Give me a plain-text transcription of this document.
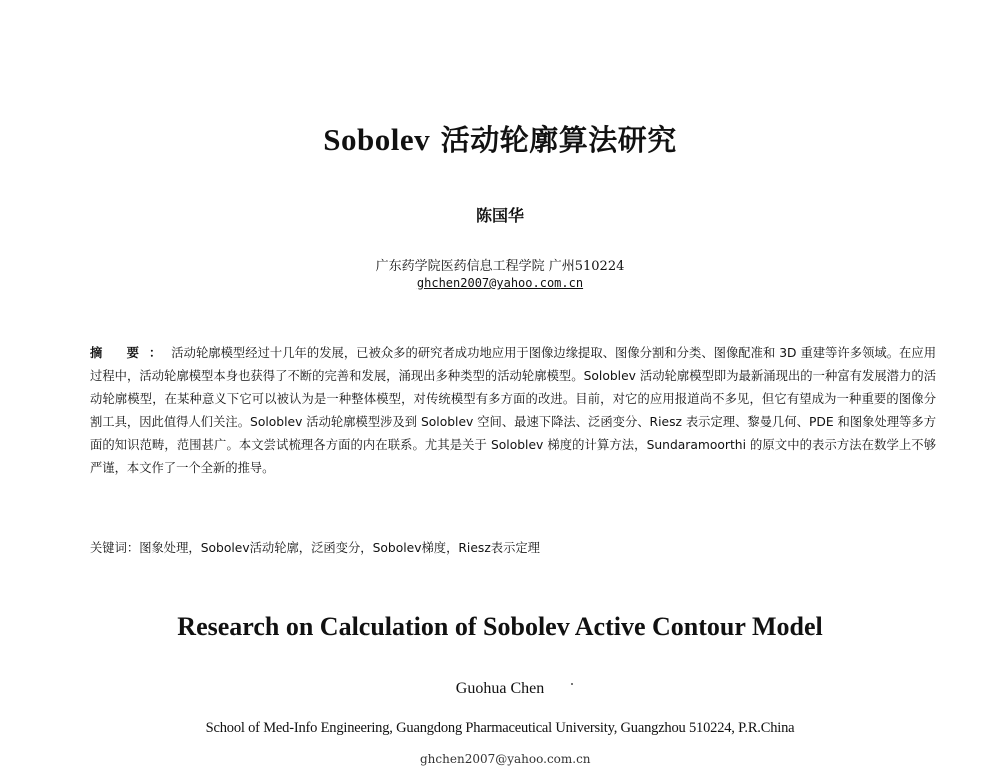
Sobolev 活动轮廓算法研究
陈国华
广东药学院医药信息工程学院 广州510224
ghchen2007@yahoo.com.cn
摘 要：活动轮廓模型经过十几年的发展，已被众多的研究者成功地应用于图像边缘提取、图像分割和分类、图像配准和 3D 重建等许多领域。在应用过程中，活动轮廓模型本身也获得了不断的完善和发展，涌现出多种类型的活动轮廓模型。Soloblev 活动轮廓模型即为最新涌现出的一种富有发展潜力的活动轮廓模型，在某种意义下它可以被认为是一种整体模型，对传统模型有多方面的改进。目前，对它的应用报道尚不多见，但它有望成为一种重要的图像分割工具，因此值得人们关注。Soloblev 活动轮廓模型涉及到 Soloblev 空间、最速下降法、泛函变分、Riesz 表示定理、黎曼几何、PDE 和图象处理等多方面的知识范畴，范围甚广。本文尝试梳理各方面的内在联系。尤其是关于 Soloblev 梯度的计算方法，Sundaramoorthi 的原文中的表示方法在数学上不够严谨，本文作了一个全新的推导。
关键词：图象处理，Sobolev活动轮廓，泛函变分，Sobolev梯度，Riesz表示定理
Research on Calculation of Sobolev Active Contour Model
Guohua Chen
School of Med-Info Engineering, Guangdong Pharmaceutical University, Guangzhou 510224, P.R.China
ghchen2007@yahoo.com.cn
